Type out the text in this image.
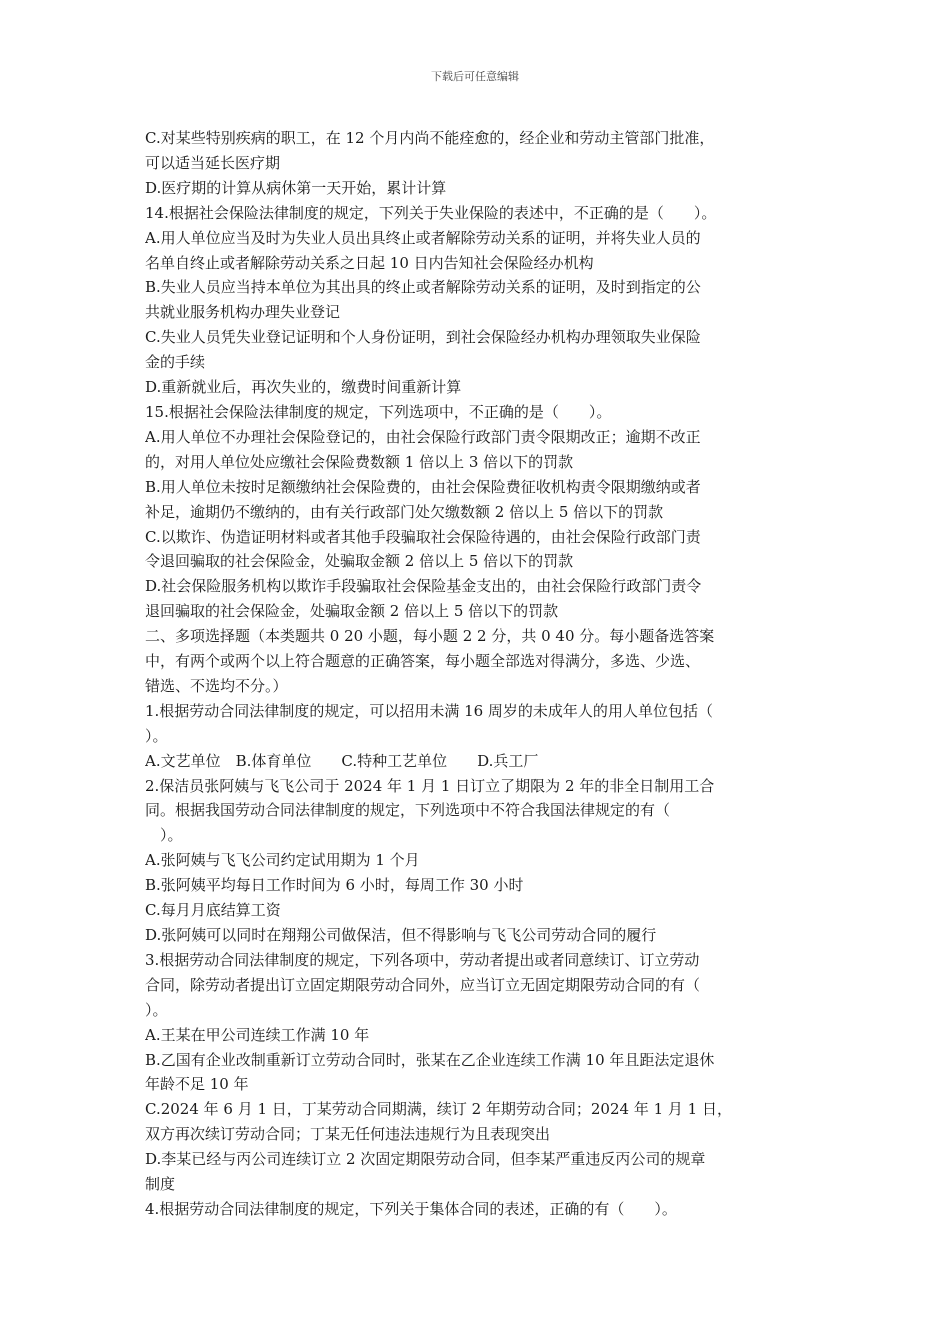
下载后可任意编辑
C.对某些特别疾病的职工，在 12 个月内尚不能痊愈的，经企业和劳动主管部门批准，
可以适当延长医疗期
D.医疗期的计算从病休第一天开始，累计计算
14.根据社会保险法律制度的规定，下列关于失业保险的表述中，不正确的是（　　）。
A.用人单位应当及时为失业人员出具终止或者解除劳动关系的证明，并将失业人员的
名单自终止或者解除劳动关系之日起 10 日内告知社会保险经办机构
B.失业人员应当持本单位为其出具的终止或者解除劳动关系的证明，及时到指定的公
共就业服务机构办理失业登记
C.失业人员凭失业登记证明和个人身份证明，到社会保险经办机构办理领取失业保险
金的手续
D.重新就业后，再次失业的，缴费时间重新计算
15.根据社会保险法律制度的规定，下列选项中，不正确的是（　　）。
A.用人单位不办理社会保险登记的，由社会保险行政部门责令限期改正；逾期不改正
的，对用人单位处应缴社会保险费数额 1 倍以上 3 倍以下的罚款
B.用人单位未按时足额缴纳社会保险费的，由社会保险费征收机构责令限期缴纳或者
补足，逾期仍不缴纳的，由有关行政部门处欠缴数额 2 倍以上 5 倍以下的罚款
C.以欺诈、伪造证明材料或者其他手段骗取社会保险待遇的，由社会保险行政部门责
令退回骗取的社会保险金，处骗取金额 2 倍以上 5 倍以下的罚款
D.社会保险服务机构以欺诈手段骗取社会保险基金支出的，由社会保险行政部门责令
退回骗取的社会保险金，处骗取金额 2 倍以上 5 倍以下的罚款
二、多项选择题（本类题共 0 20 小题，每小题 2 2 分，共 0 40 分。每小题备选答案
中，有两个或两个以上符合题意的正确答案，每小题全部选对得满分，多选、少选、
错选、不选均不分。）
1.根据劳动合同法律制度的规定，可以招用未满 16 周岁的未成年人的用人单位包括（
）。
A.文艺单位　B.体育单位　　C.特种工艺单位　　D.兵工厂
2.保洁员张阿姨与飞飞公司于 2024 年 1 月 1 日订立了期限为 2 年的非全日制用工合
同。根据我国劳动合同法律制度的规定，下列选项中不符合我国法律规定的有（
　）。
A.张阿姨与飞飞公司约定试用期为 1 个月
B.张阿姨平均每日工作时间为 6 小时，每周工作 30 小时
C.每月月底结算工资
D.张阿姨可以同时在翔翔公司做保洁，但不得影响与飞飞公司劳动合同的履行
3.根据劳动合同法律制度的规定，下列各项中，劳动者提出或者同意续订、订立劳动
合同，除劳动者提出订立固定期限劳动合同外，应当订立无固定期限劳动合同的有（
）。
A.王某在甲公司连续工作满 10 年
B.乙国有企业改制重新订立劳动合同时，张某在乙企业连续工作满 10 年且距法定退休
年龄不足 10 年
C.2024 年 6 月 1 日，丁某劳动合同期满，续订 2 年期劳动合同；2024 年 1 月 1 日，
双方再次续订劳动合同；丁某无任何违法违规行为且表现突出
D.李某已经与丙公司连续订立 2 次固定期限劳动合同，但李某严重违反丙公司的规章
制度
4.根据劳动合同法律制度的规定，下列关于集体合同的表述，正确的有（　　）。
